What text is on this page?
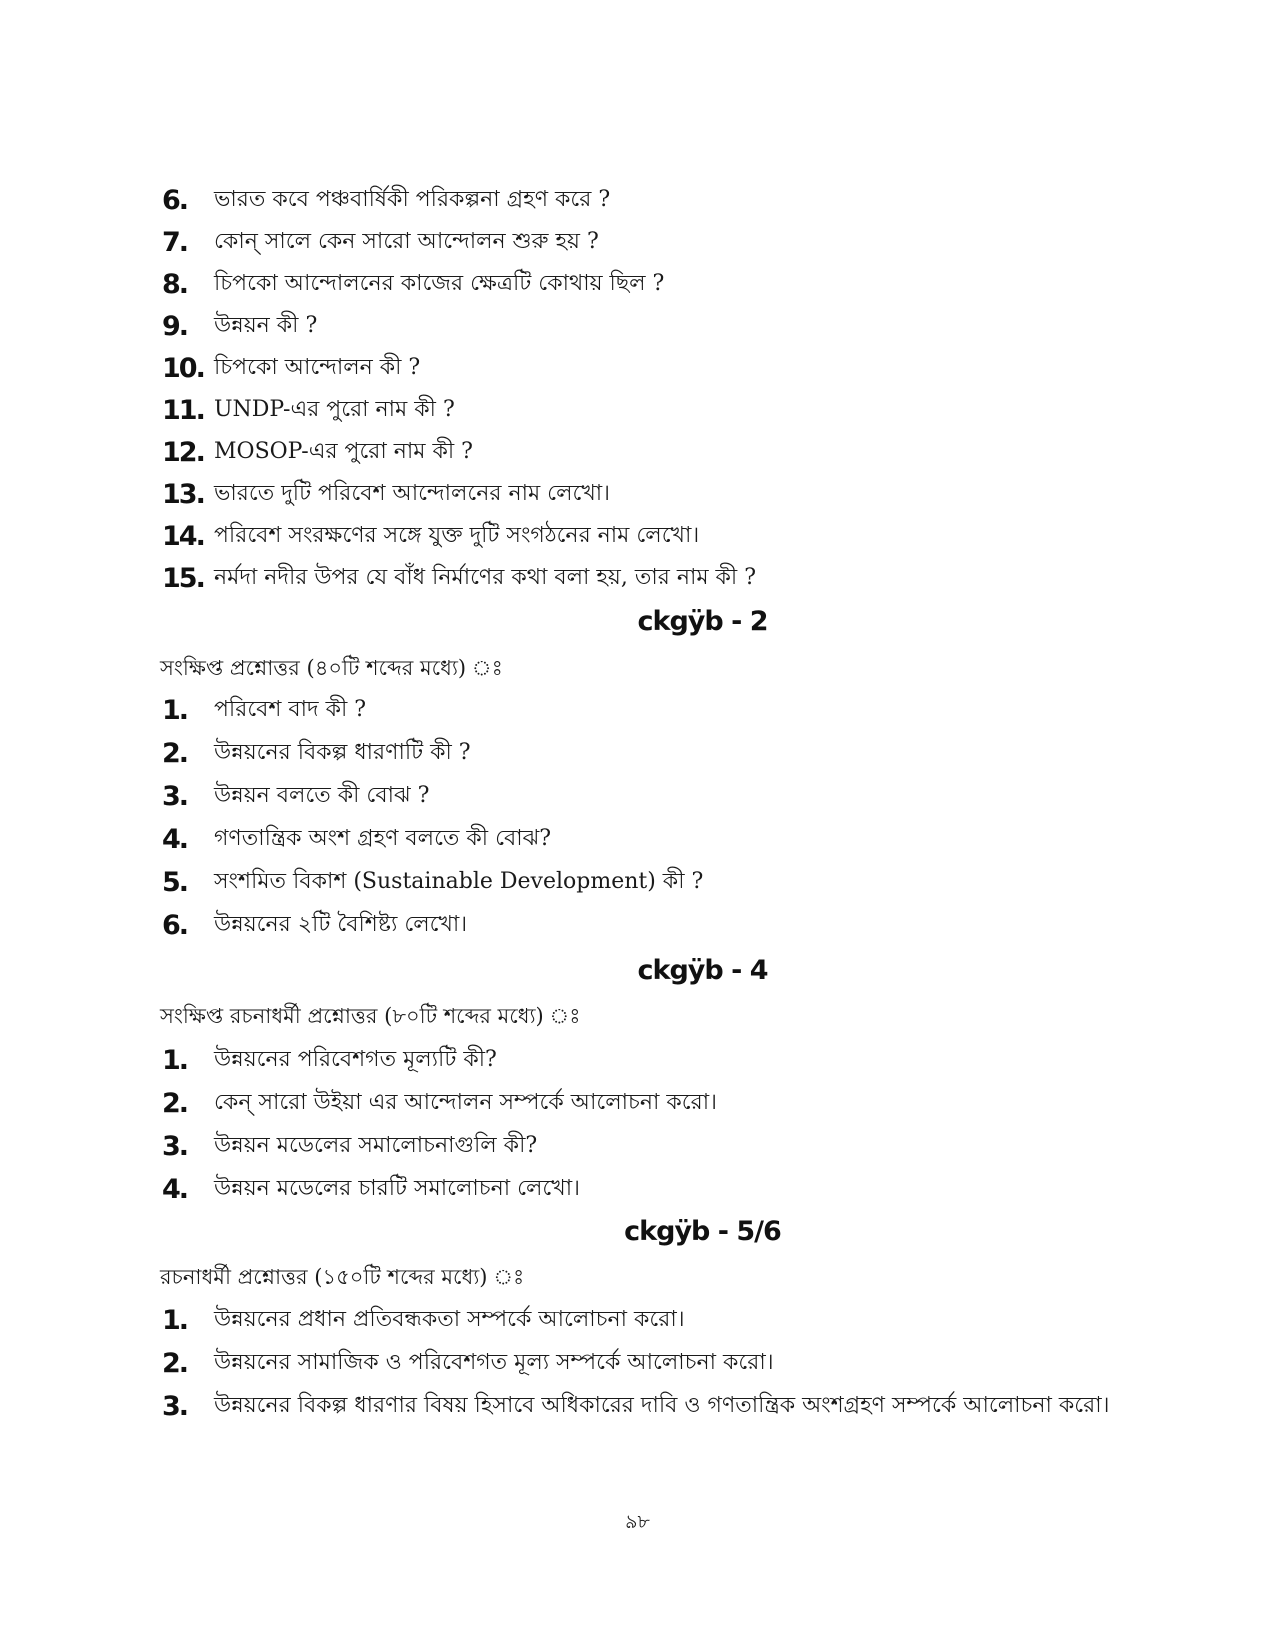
6.	ভারত কবে পঞ্চবার্ষিকী পরিকল্পনা গ্রহণ করে ?
7.	কোন্ সালে কেন সারো আন্দোলন শুরু হয় ?
8.	চিপকো আন্দোলনের কাজের ক্ষেত্রটি কোথায় ছিল ?
9.	উন্নয়ন কী ?
10. চিপকো আন্দোলন কী ?
11. UNDP-এর পুরো নাম কী ?
12. MOSOP-এর পুরো নাম কী ?
13. ভারতে দুটি পরিবেশ আন্দোলনের নাম লেখো।
14. পরিবেশ সংরক্ষণের সঙ্গে যুক্ত দুটি সংগঠনের নাম লেখো।
15. নর্মদা নদীর উপর যে বাঁধ নির্মাণের কথা বলা হয়, তার নাম কী ?
ckgÿb - 2
সংক্ষিপ্ত প্রশ্নোত্তর (৪০টি শব্দের মধ্যে) ঃ
1.	পরিবেশ বাদ কী ?
2.	উন্নয়নের বিকল্প ধারণাটি কী ?
3.	উন্নয়ন বলতে কী বোঝ ?
4.	গণতান্ত্রিক অংশ গ্রহণ বলতে কী বোঝ?
5.	সংশমিত বিকাশ (Sustainable Development) কী ?
6.	উন্নয়নের ২টি বৈশিষ্ট্য লেখো।
ckgÿb - 4
সংক্ষিপ্ত রচনাধর্মী প্রশ্নোত্তর (৮০টি শব্দের মধ্যে) ঃ
1.	উন্নয়নের পরিবেশগত মূল্যটি কী?
2.	কেন্ সারো উইয়া এর আন্দোলন সম্পর্কে আলোচনা করো।
3.	উন্নয়ন মডেলের সমালোচনাগুলি কী?
4.	উন্নয়ন মডেলের চারটি সমালোচনা লেখো।
ckgÿb - 5/6
রচনাধর্মী প্রশ্নোত্তর (১৫০টি শব্দের মধ্যে) ঃ
1.	উন্নয়নের প্রধান প্রতিবন্ধকতা সম্পর্কে আলোচনা করো।
2.	উন্নয়নের সামাজিক ও পরিবেশগত মূল্য সম্পর্কে আলোচনা করো।
3.	উন্নয়নের বিকল্প ধারণার বিষয় হিসাবে অধিকারের দাবি ও গণতান্ত্রিক অংশগ্রহণ সম্পর্কে আলোচনা করো।
৯৮
